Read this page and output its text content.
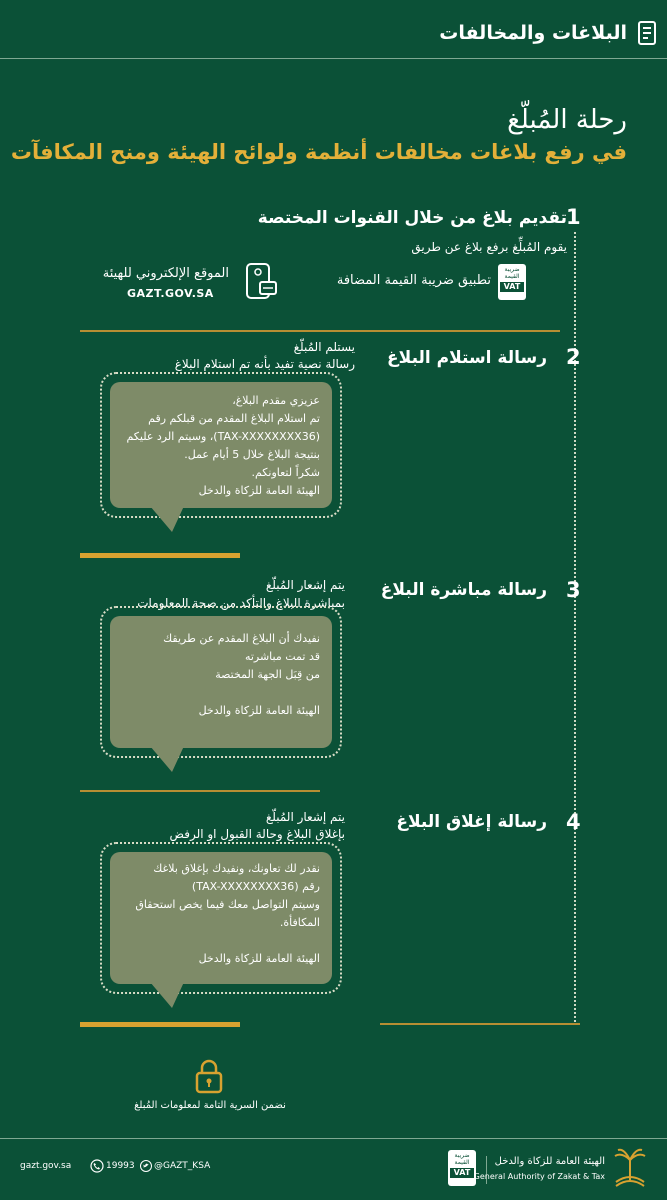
البلاغات والمخالفات
رحلة المُبلّغ
في رفع بلاغات مخالفات أنظمة ولوائح الهيئة ومنح المكافآت
1
تقديم بلاغ من خلال القنوات المختصة
يقوم المُبلِّغ برفع بلاغ عن طريق
ضريبة
القيمة

VAT
تطبيق ضريبة القيمة المضافة
الموقع الإلكتروني للهيئة
GAZT.GOV.SA
2
رسالة استلام البلاغ
يستلم المُبلّغ
رسالة نصية تفيد بأنه تم استلام البلاغ

عزيزي مقدم البلاغ،

تم استلام البلاغ المقدم من قبلكم رقم

(TAX-XXXXXXXX36)، وسيتم الرد عليكم

بنتيجة البلاغ خلال 5 أيام عمل.

شكراً لتعاونكم.

الهيئة العامة للزكاة والدخل

3
رسالة مباشرة البلاغ
يتم إشعار المُبلّغ
بمباشرة البلاغ والتأكد من صحة المعلومات

نفيدك أن البلاغ المقدم عن طريقك

قد تمت مباشرته

من قِبَل الجهة المختصة

الهيئة العامة للزكاة والدخل

4
رسالة إغلاق البلاغ
يتم إشعار المُبلّغ
بإغلاق البلاغ وحالة القبول او الرفض

نقدر لك تعاونك، ونفيدك بإغلاق بلاغك

رقم (TAX-XXXXXXXX36)

وسيتم التواصل معك فيما يخص استحقاق

المكافأة.

الهيئة العامة للزكاة والدخل

نضمن السرية التامة لمعلومات المُبلغ
gazt.gov.sa	19993 @GAZT_KSA
ضريبة
القيمة

VAT
الهيئة العامة للزكاة والدخل
General Authority of Zakat & Tax
